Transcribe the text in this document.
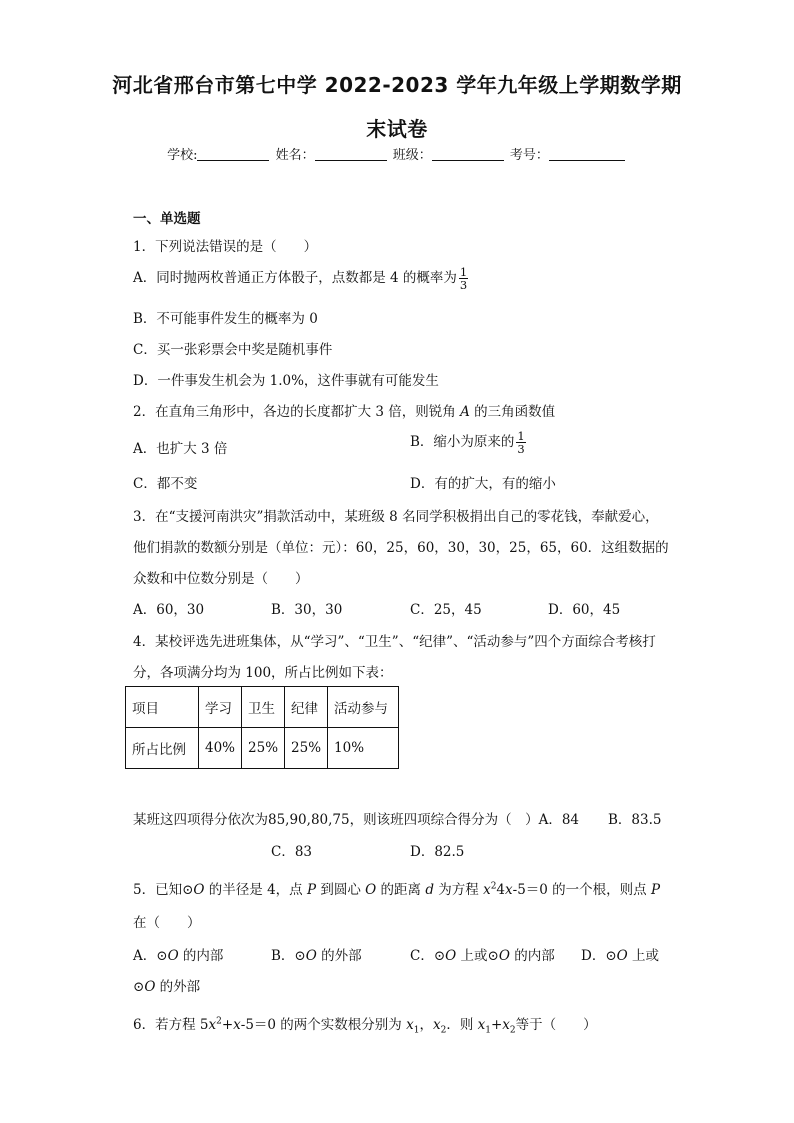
河北省邢台市第七中学 2022-2023 学年九年级上学期数学期
末试卷
学校:	姓名：	班级：	考号：
一、单选题
1．下列说法错误的是（　　）
A．同时抛两枚普通正方体骰子，点数都是 4 的概率为 $\frac{1}{3}$
B．不可能事件发生的概率为 0
C．买一张彩票会中奖是随机事件
D．一件事发生机会为 1.0%，这件事就有可能发生
2．在直角三角形中，各边的长度都扩大 3 倍，则锐角 A 的三角函数值
A．也扩大 3 倍	B．缩小为原来的 $\frac{1}{3}$
C．都不变	D．有的扩大，有的缩小
3．在“支援河南洪灾”捐款活动中，某班级 8 名同学积极捐出自己的零花钱，奉献爱心，
他们捐款的数额分别是（单位：元）：60，25，60，30，30，25，65，60．这组数据的
众数和中位数分别是（　　）
A．60，30	B．30，30	C．25，45	D．60，45
4．某校评选先进班集体，从“学习”、“卫生”、“纪律”、“活动参与”四个方面综合考核打
分，各项满分均为 100，所占比例如下表：
项目	学习	卫生	纪律	活动参与
所占比例	40%	25%	25%	10%
某班这四项得分依次为85,90,80,75，则该班四项综合得分为（　）A．84 B．83.5
C．83	D．82.5
5．已知⊙O 的半径是 4，点 P 到圆心 O 的距离 d 为方程 $x^24x-5=0$ 的一个根，则点 P
在（　　）
A．⊙O 的内部	B．⊙O 的外部	C．⊙O 上或⊙O 的内部 D．⊙O 上或
⊙O 的外部
6．若方程 $5x^2+x-5=0$ 的两个实数根分别为 $x_1$，$x_2$．则 $x_1+x_2$等于（　　）
